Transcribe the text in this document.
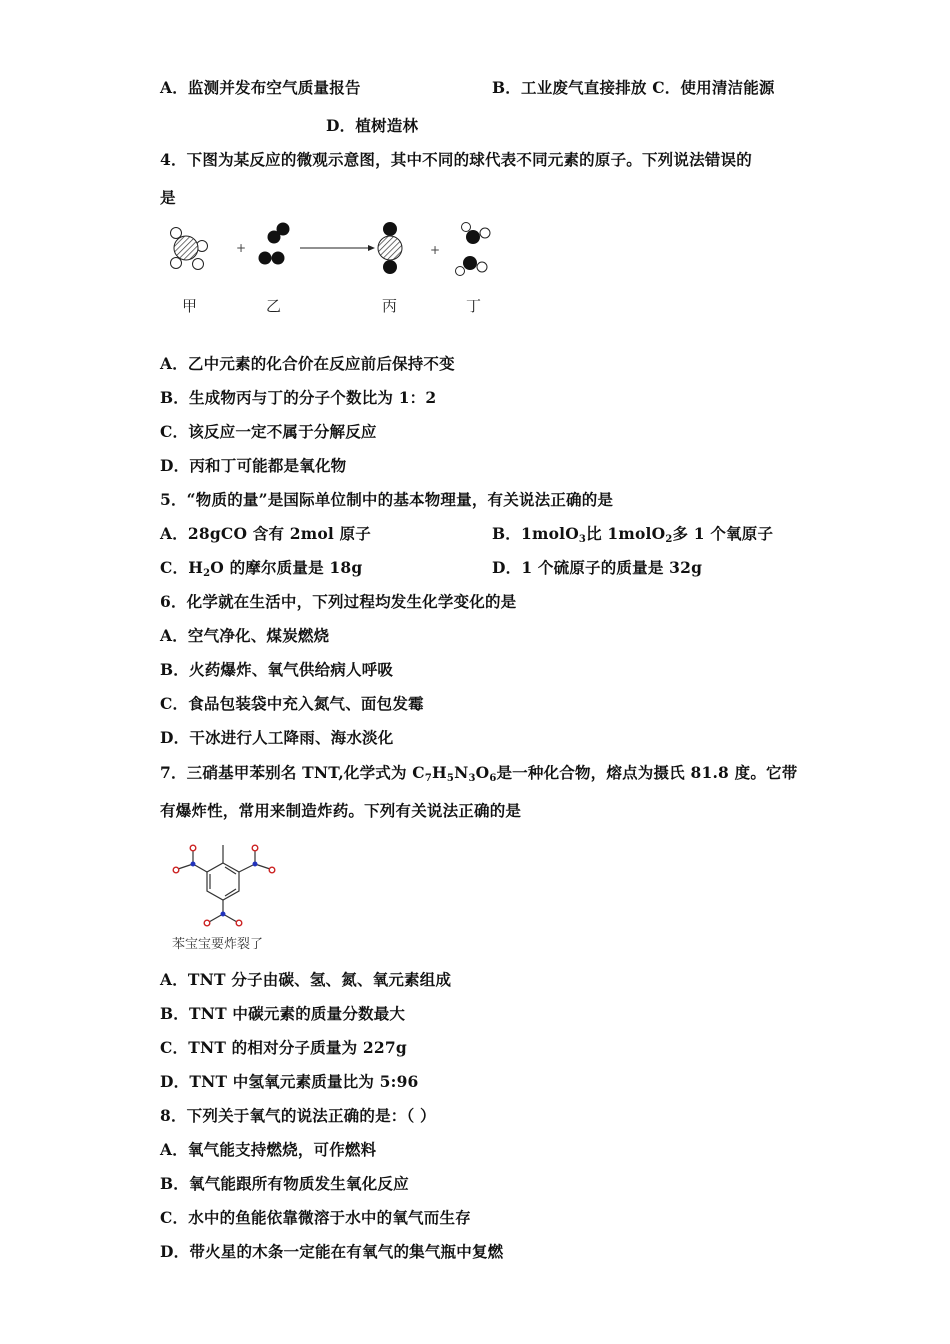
A．监测并发布空气质量报告	B．工业废气直接排放 C．使用清洁能源
D．植树造林
4．下图为某反应的微观示意图，其中不同的球代表不同元素的原子。下列说法错误的
是
+	+
甲	乙	丙	丁
A．乙中元素的化合价在反应前后保持不变
B．生成物丙与丁的分子个数比为 1：2
C．该反应一定不属于分解反应
D．丙和丁可能都是氧化物
5．“物质的量”是国际单位制中的基本物理量，有关说法正确的是
A．28gCO 含有 2mol 原子	B．1molO$_3$比 1molO$_2$多 1 个氧原子
C．$H_2O$ 的摩尔质量是 18g	D．1 个硫原子的质量是 32g
6．化学就在生活中，下列过程均发生化学变化的是
A．空气净化、煤炭燃烧
B．火药爆炸、氧气供给病人呼吸
C．食品包装袋中充入氮气、面包发霉
D．干冰进行人工降雨、海水淡化
7．三硝基甲苯别名 TNT,化学式为 $C_7H_5N_3O_6$是一种化合物，熔点为摄氏 81.8 度。它带
有爆炸性，常用来制造炸药。下列有关说法正确的是
苯宝宝要炸裂了
A．TNT 分子由碳、氢、氮、氧元素组成
B．TNT 中碳元素的质量分数最大
C．TNT 的相对分子质量为 227g
D．TNT 中氢氧元素质量比为 5:96
8．下列关于氧气的说法正确的是：（ ）
A．氧气能支持燃烧，可作燃料
B．氧气能跟所有物质发生氧化反应
C．水中的鱼能依靠微溶于水中的氧气而生存
D．带火星的木条一定能在有氧气的集气瓶中复燃
